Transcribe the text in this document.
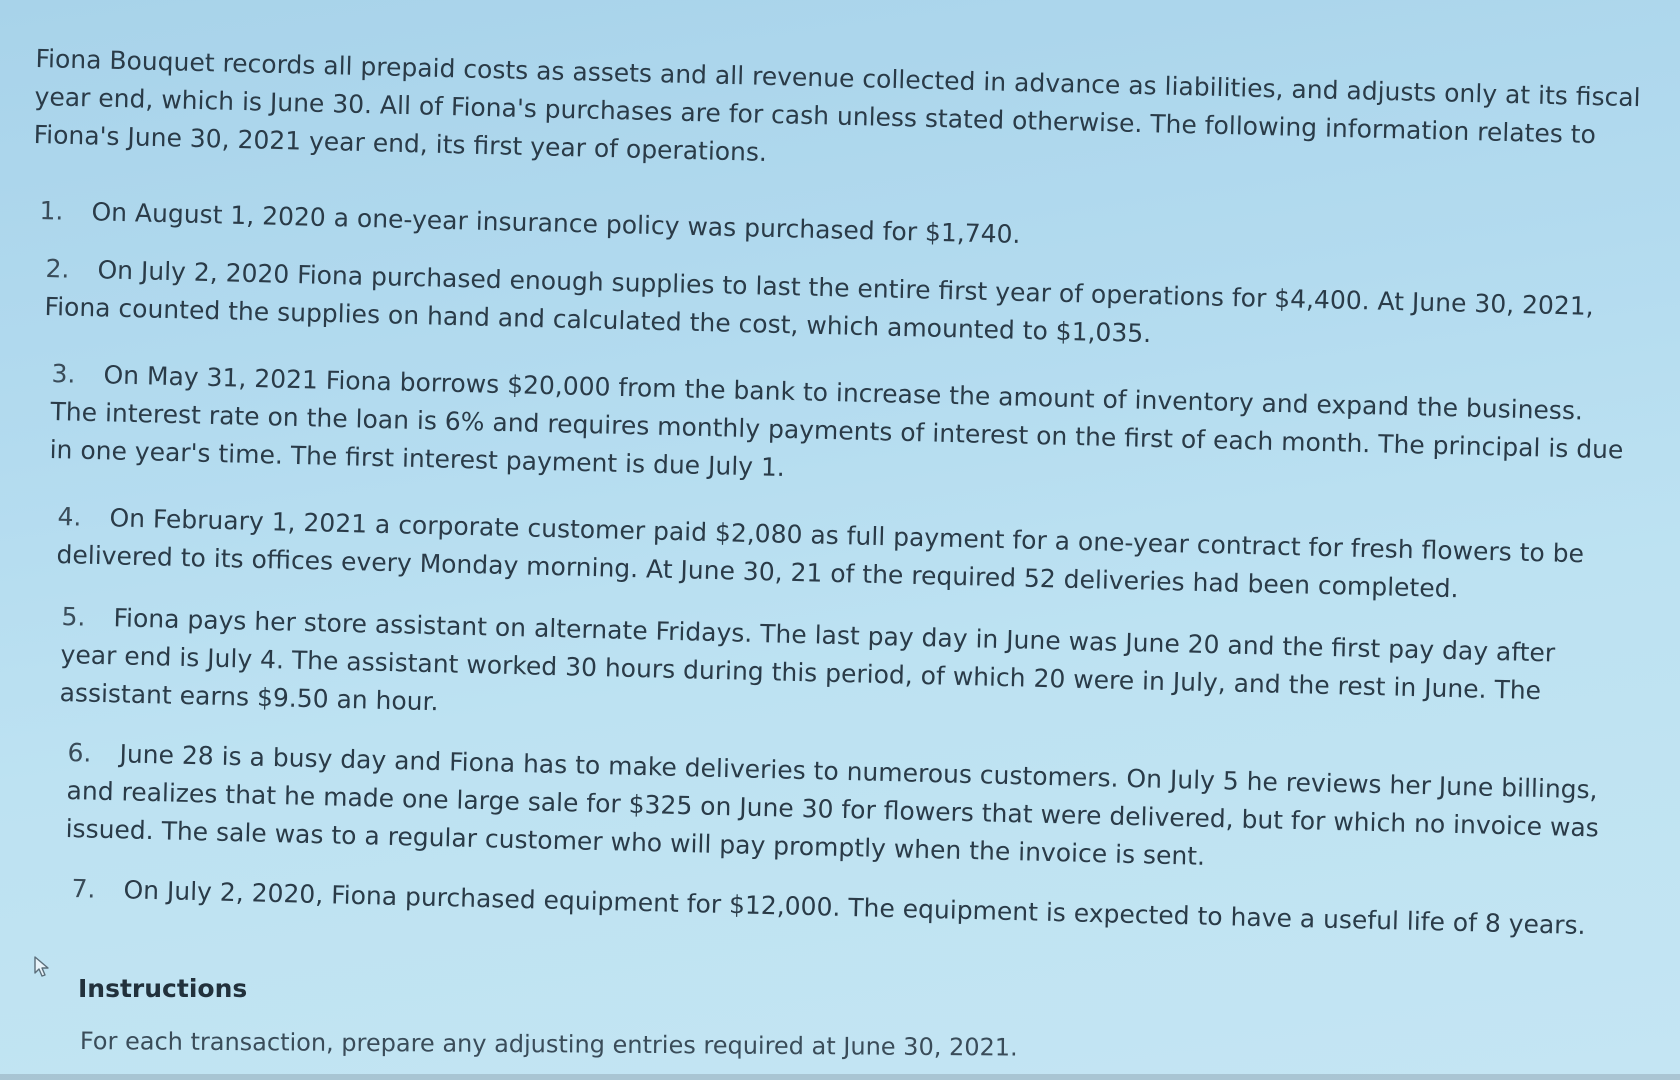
Fiona Bouquet records all prepaid costs as assets and all revenue collected in advance as liabilities, and adjusts only at its fiscal year end, which is June 30. All of Fiona's purchases are for cash unless stated otherwise. The following information relates to Fiona's June 30, 2021 year end, its first year of operations.
1. On August 1, 2020 a one-year insurance policy was purchased for $1,740.
2. On July 2, 2020 Fiona purchased enough supplies to last the entire first year of operations for $4,400. At June 30, 2021, Fiona counted the supplies on hand and calculated the cost, which amounted to $1,035.
3. On May 31, 2021 Fiona borrows $20,000 from the bank to increase the amount of inventory and expand the business. The interest rate on the loan is 6% and requires monthly payments of interest on the first of each month. The principal is due in one year's time. The first interest payment is due July 1.
4. On February 1, 2021 a corporate customer paid $2,080 as full payment for a one-year contract for fresh flowers to be delivered to its offices every Monday morning. At June 30, 21 of the required 52 deliveries had been completed.
5. Fiona pays her store assistant on alternate Fridays. The last pay day in June was June 20 and the first pay day after year end is July 4. The assistant worked 30 hours during this period, of which 20 were in July, and the rest in June. The assistant earns $9.50 an hour.
6. June 28 is a busy day and Fiona has to make deliveries to numerous customers. On July 5 he reviews her June billings, and realizes that he made one large sale for $325 on June 30 for flowers that were delivered, but for which no invoice was issued. The sale was to a regular customer who will pay promptly when the invoice is sent.
7. On July 2, 2020, Fiona purchased equipment for $12,000. The equipment is expected to have a useful life of 8 years.
Instructions
For each transaction, prepare any adjusting entries required at June 30, 2021.
